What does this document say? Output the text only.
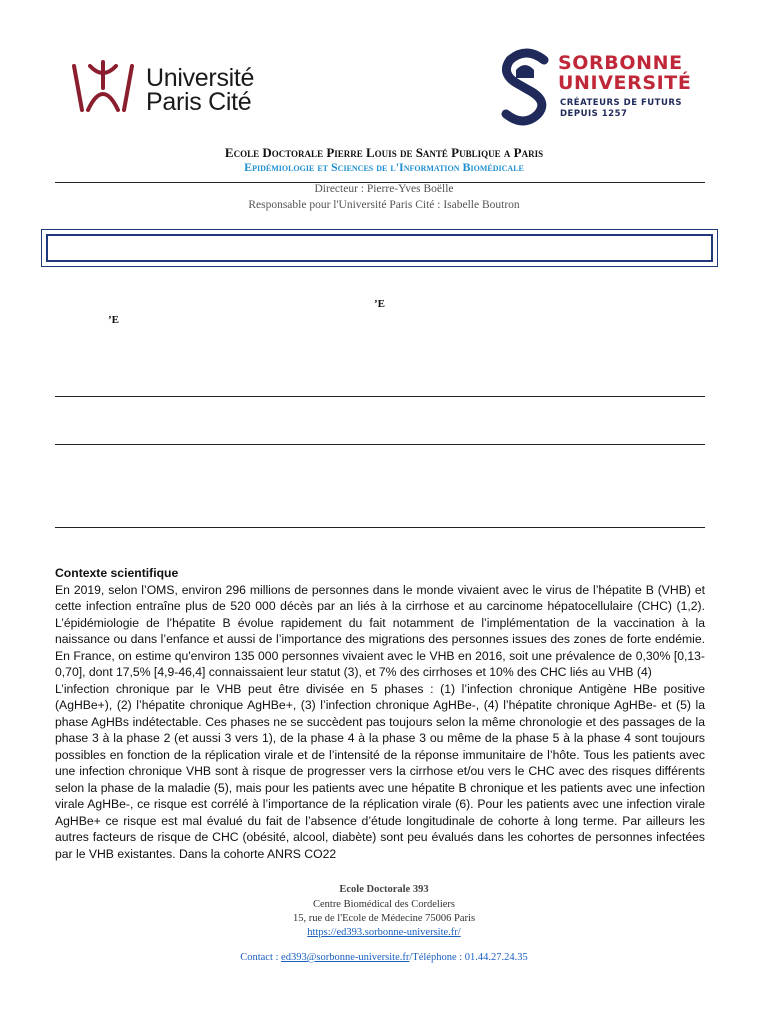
Université
Paris Cité
SORBONNE
UNIVERSITÉ
CRÉATEURS DE FUTURS
DEPUIS 1257
Ecole Doctorale Pierre Louis de Santé Publique a Paris
Epidémiologie et Sciences de l'Information Biomédicale
Directeur : Pierre-Yves Boëlle
Responsable pour l'Université Paris Cité : Isabelle Boutron
’E
’E
Contexte scientifique

En 2019, selon l’OMS, environ 296 millions de personnes dans le monde vivaient avec le virus de l’hépatite B (VHB) et cette infection entraîne plus de 520 000 décès par an liés à la cirrhose et au carcinome hépatocellulaire (CHC) (1,2). L’épidémiologie de l’hépatite B évolue rapidement du fait notamment de l’implémentation de la vaccination à la naissance ou dans l’enfance et aussi de l’importance des migrations des personnes issues des zones de forte endémie. En France, on estime qu'environ 135 000 personnes vivaient avec le VHB en 2016, soit une prévalence de 0,30% [0,13-0,70], dont 17,5% [4,9-46,4] connaissaient leur statut (3), et 7% des cirrhoses et 10% des CHC liés au VHB (4)

L’infection chronique par le VHB peut être divisée en 5 phases : (1) l’infection chronique Antigène HBe positive (AgHBe+), (2) l’hépatite chronique AgHBe+, (3) l’infection chronique AgHBe-, (4) l’hépatite chronique AgHBe- et (5) la phase AgHBs indétectable. Ces phases ne se succèdent pas toujours selon la même chronologie et des passages de la phase 3 à la phase 2 (et aussi 3 vers 1), de la phase 4 à la phase 3 ou même de la phase 5 à la phase 4 sont toujours possibles en fonction de la réplication virale et de l’intensité de la réponse immunitaire de l’hôte. Tous les patients avec une infection chronique VHB sont à risque de progresser vers la cirrhose et/ou vers le CHC avec des risques différents selon la phase de la maladie (5), mais pour les patients avec une hépatite B chronique et les patients avec une infection virale AgHBe-, ce risque est corrélé à l’importance de la réplication virale (6). Pour les patients avec une infection virale AgHBe+ ce risque est mal évalué du fait de l’absence d’étude longitudinale de cohorte à long terme. Par ailleurs les autres facteurs de risque de CHC (obésité, alcool, diabète) sont peu évalués dans les cohortes de personnes infectées par le VHB existantes. Dans la cohorte ANRS CO22

Ecole Doctorale 393
Centre Biomédical des Cordeliers
15, rue de l'Ecole de Médecine 75006 Paris
https://ed393.sorbonne-universite.fr/
Contact : ed393@sorbonne-universite.fr/Téléphone : 01.44.27.24.35
